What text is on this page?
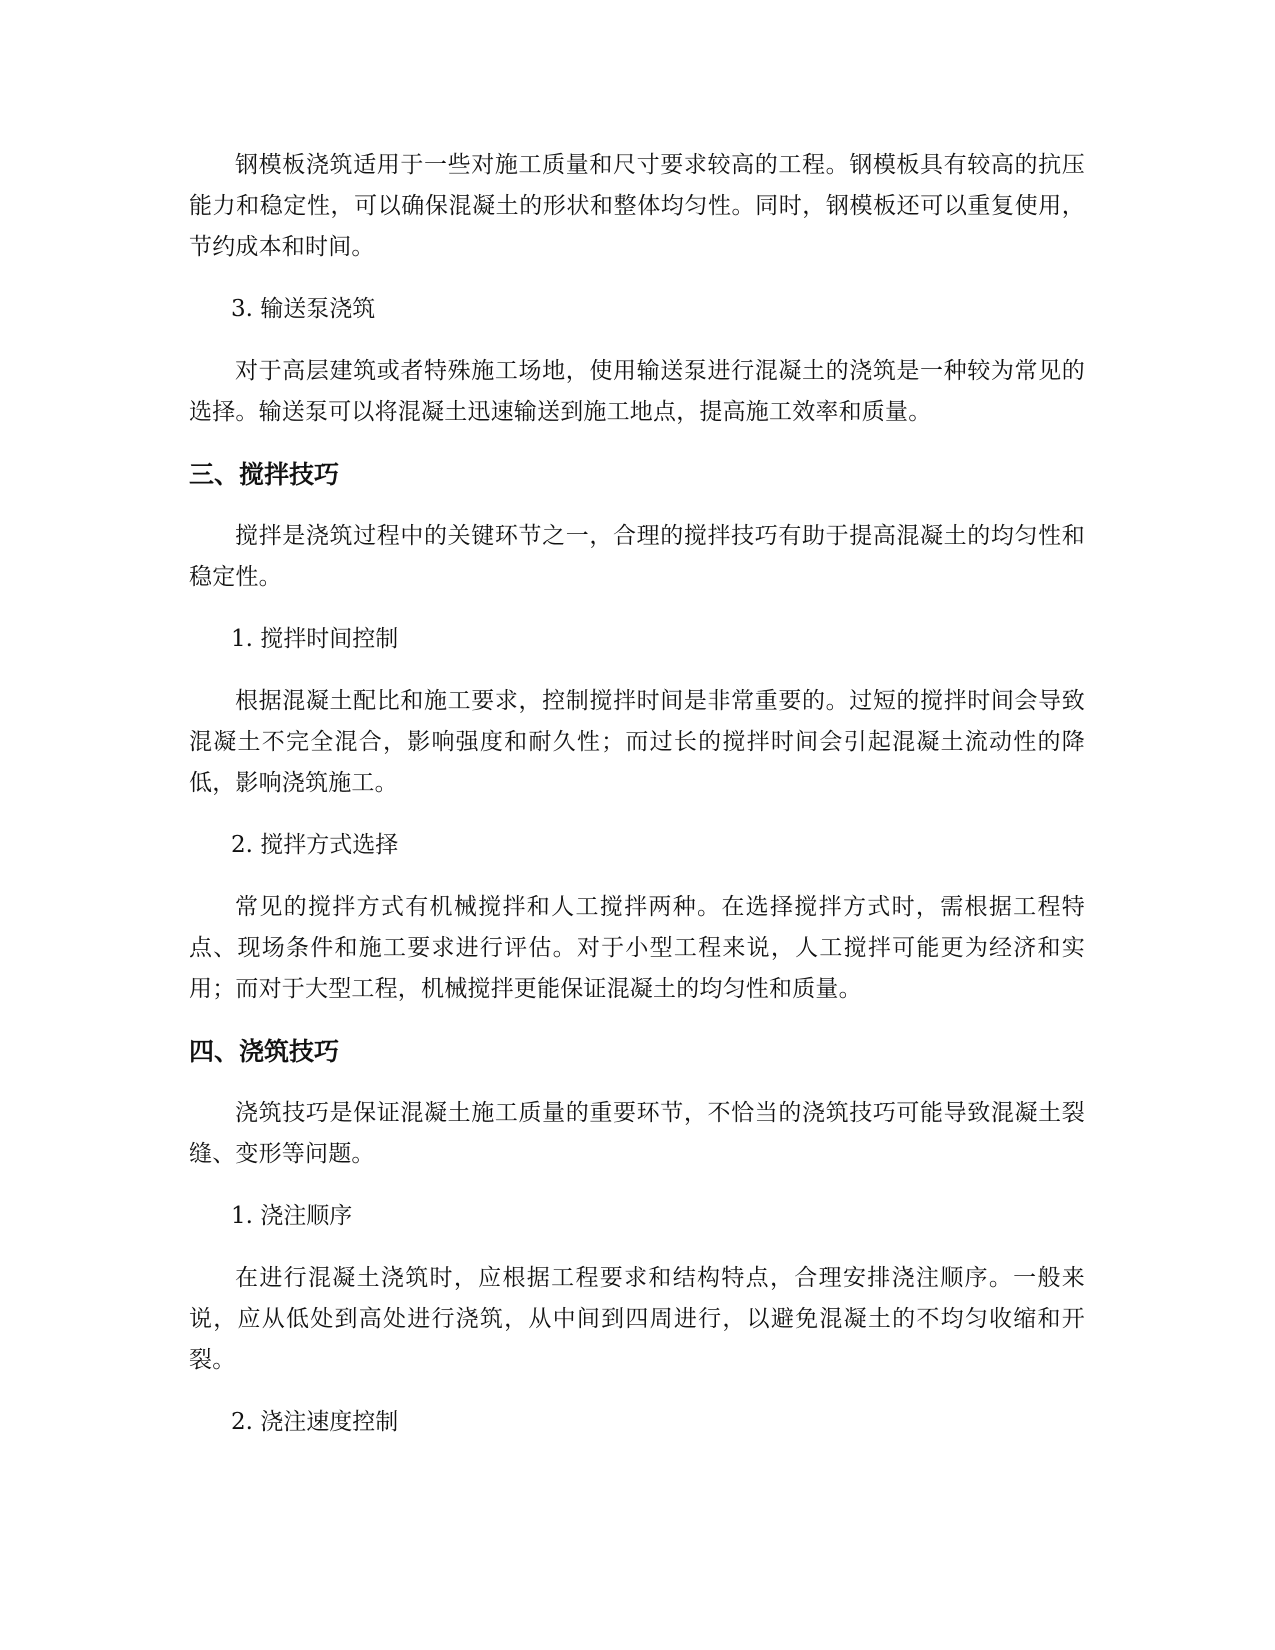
钢模板浇筑适用于一些对施工质量和尺寸要求较高的工程。钢模板具有较高的抗压能力和稳定性，可以确保混凝土的形状和整体均匀性。同时，钢模板还可以重复使用，节约成本和时间。

3. 输送泵浇筑

对于高层建筑或者特殊施工场地，使用输送泵进行混凝土的浇筑是一种较为常见的选择。输送泵可以将混凝土迅速输送到施工地点，提高施工效率和质量。

三、搅拌技巧

搅拌是浇筑过程中的关键环节之一，合理的搅拌技巧有助于提高混凝土的均匀性和稳定性。

1. 搅拌时间控制

根据混凝土配比和施工要求，控制搅拌时间是非常重要的。过短的搅拌时间会导致混凝土不完全混合，影响强度和耐久性；而过长的搅拌时间会引起混凝土流动性的降低，影响浇筑施工。

2. 搅拌方式选择

常见的搅拌方式有机械搅拌和人工搅拌两种。在选择搅拌方式时，需根据工程特点、现场条件和施工要求进行评估。对于小型工程来说，人工搅拌可能更为经济和实用；而对于大型工程，机械搅拌更能保证混凝土的均匀性和质量。

四、浇筑技巧

浇筑技巧是保证混凝土施工质量的重要环节，不恰当的浇筑技巧可能导致混凝土裂缝、变形等问题。

1. 浇注顺序

在进行混凝土浇筑时，应根据工程要求和结构特点，合理安排浇注顺序。一般来说，应从低处到高处进行浇筑，从中间到四周进行，以避免混凝土的不均匀收缩和开裂。

2. 浇注速度控制
